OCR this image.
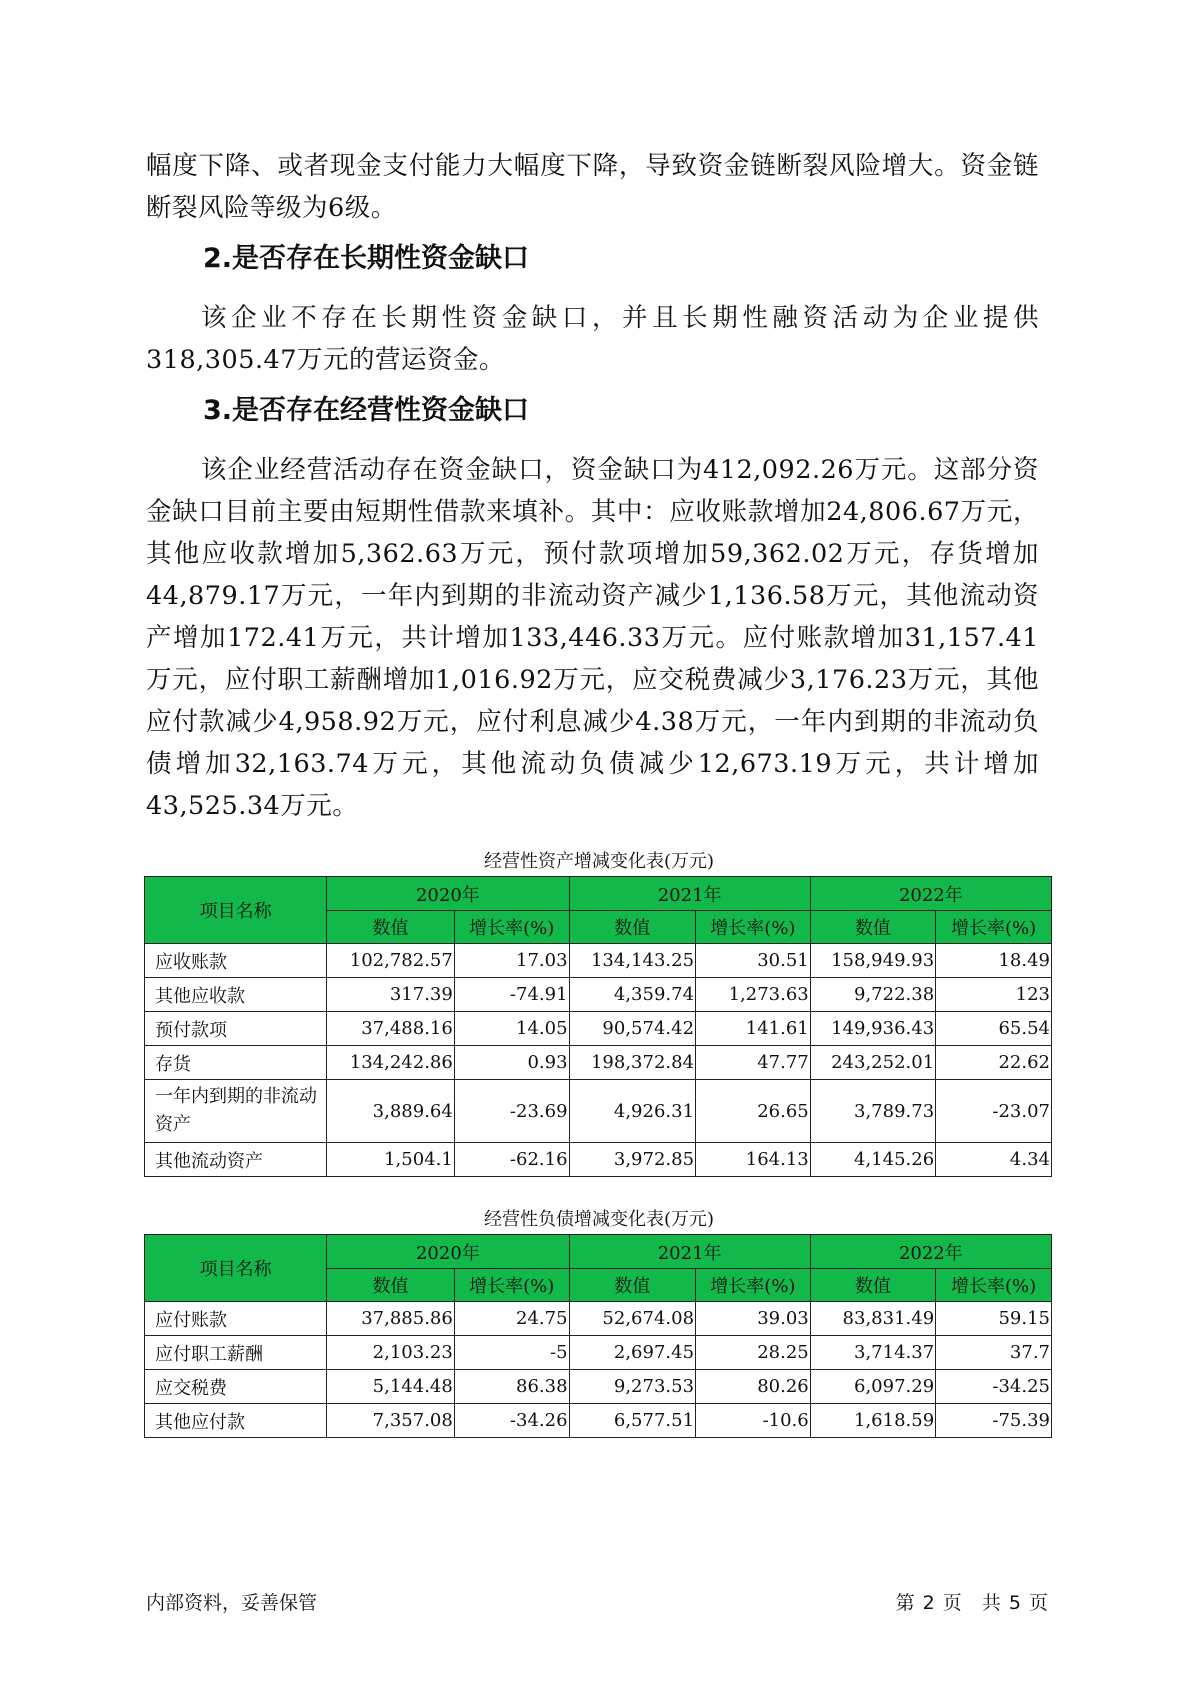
幅度下降、或者现金支付能力大幅度下降，导致资金链断裂风险增大。资金链断裂风险等级为6级。

2.是否存在长期性资金缺口

该企业不存在长期性资金缺口，并且长期性融资活动为企业提供318,305.47万元的营运资金。

3.是否存在经营性资金缺口

该企业经营活动存在资金缺口，资金缺口为412,092.26万元。这部分资金缺口目前主要由短期性借款来填补。其中：应收账款增加24,806.67万元，其他应收款增加5,362.63万元，预付款项增加59,362.02万元，存货增加44,879.17万元，一年内到期的非流动资产减少1,136.58万元，其他流动资产增加172.41万元，共计增加133,446.33万元。应付账款增加31,157.41万元，应付职工薪酬增加1,016.92万元，应交税费减少3,176.23万元，其他应付款减少4,958.92万元，应付利息减少4.38万元，一年内到期的非流动负债增加32,163.74万元，其他流动负债减少12,673.19万元，共计增加43,525.34万元。

经营性资产增减变化表(万元)
项目名称	2020年		2021年		2022年	
	数值	增长率(%)	数值	增长率(%)	数值	增长率(%)
应收账款	102,782.57	17.03	134,143.25	30.51	158,949.93	18.49
其他应收款	317.39	-74.91	4,359.74	1,273.63	9,722.38	123
预付款项	37,488.16	14.05	90,574.42	141.61	149,936.43	65.54
存货	134,242.86	0.93	198,372.84	47.77	243,252.01	22.62
一年内到期的非流动资产	3,889.64	-23.69	4,926.31	26.65	3,789.73	-23.07
其他流动资产	1,504.1	-62.16	3,972.85	164.13	4,145.26	4.34
经营性负债增减变化表(万元)
项目名称	2020年		2021年		2022年	
	数值	增长率(%)	数值	增长率(%)	数值	增长率(%)
应付账款	37,885.86	24.75	52,674.08	39.03	83,831.49	59.15
应付职工薪酬	2,103.23	-5	2,697.45	28.25	3,714.37	37.7
应交税费	5,144.48	86.38	9,273.53	80.26	6,097.29	-34.25
其他应付款	7,357.08	-34.26	6,577.51	-10.6	1,618.59	-75.39
内部资料，妥善保管	第 2 页 共 5 页
